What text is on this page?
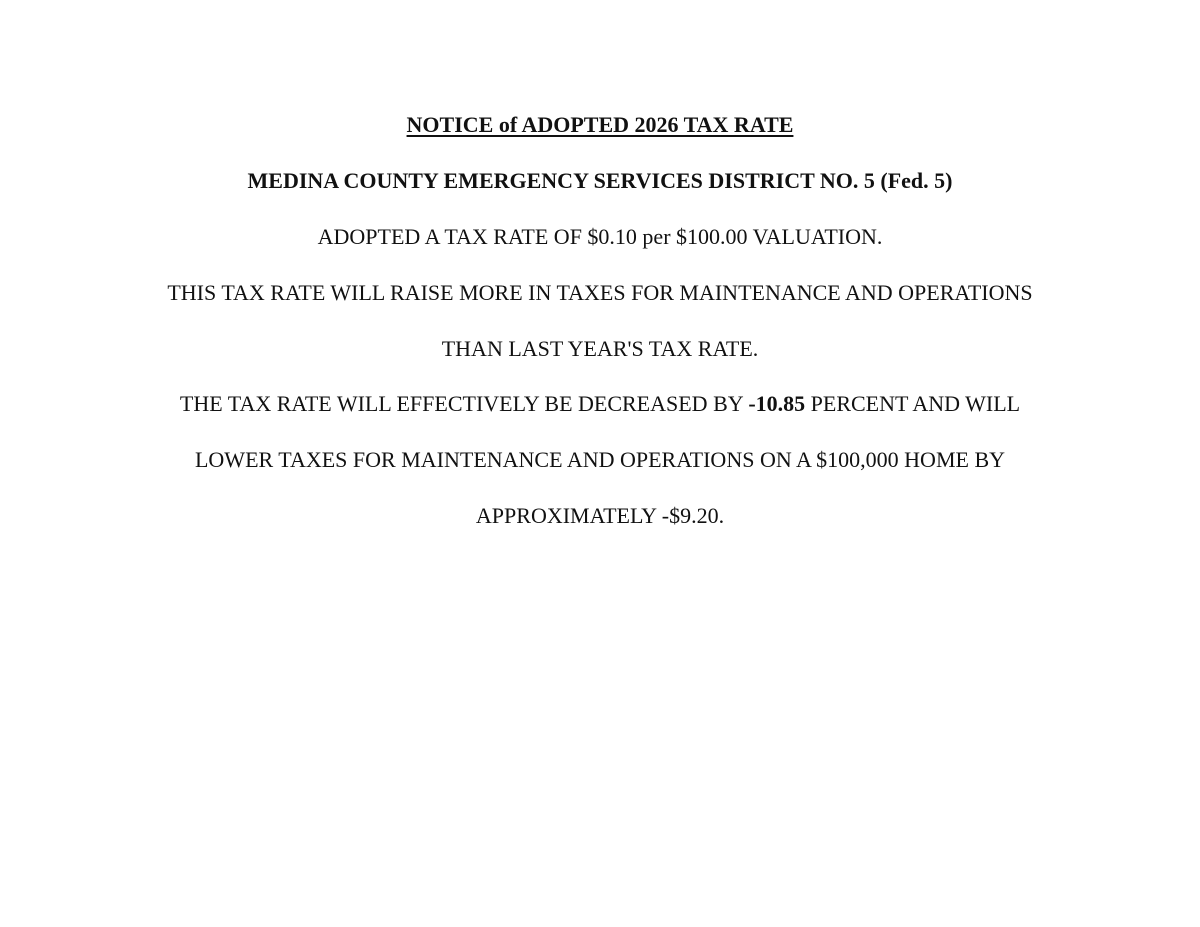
NOTICE of ADOPTED 2026 TAX RATE
MEDINA COUNTY EMERGENCY SERVICES DISTRICT NO. 5 (Fed. 5)
ADOPTED A TAX RATE OF $0.10 per $100.00 VALUATION.
THIS TAX RATE WILL RAISE MORE IN TAXES FOR MAINTENANCE AND OPERATIONS
THAN LAST YEAR'S TAX RATE.
THE TAX RATE WILL EFFECTIVELY BE DECREASED BY -10.85 PERCENT AND WILL
LOWER TAXES FOR MAINTENANCE AND OPERATIONS ON A $100,000 HOME BY
APPROXIMATELY -$9.20.
